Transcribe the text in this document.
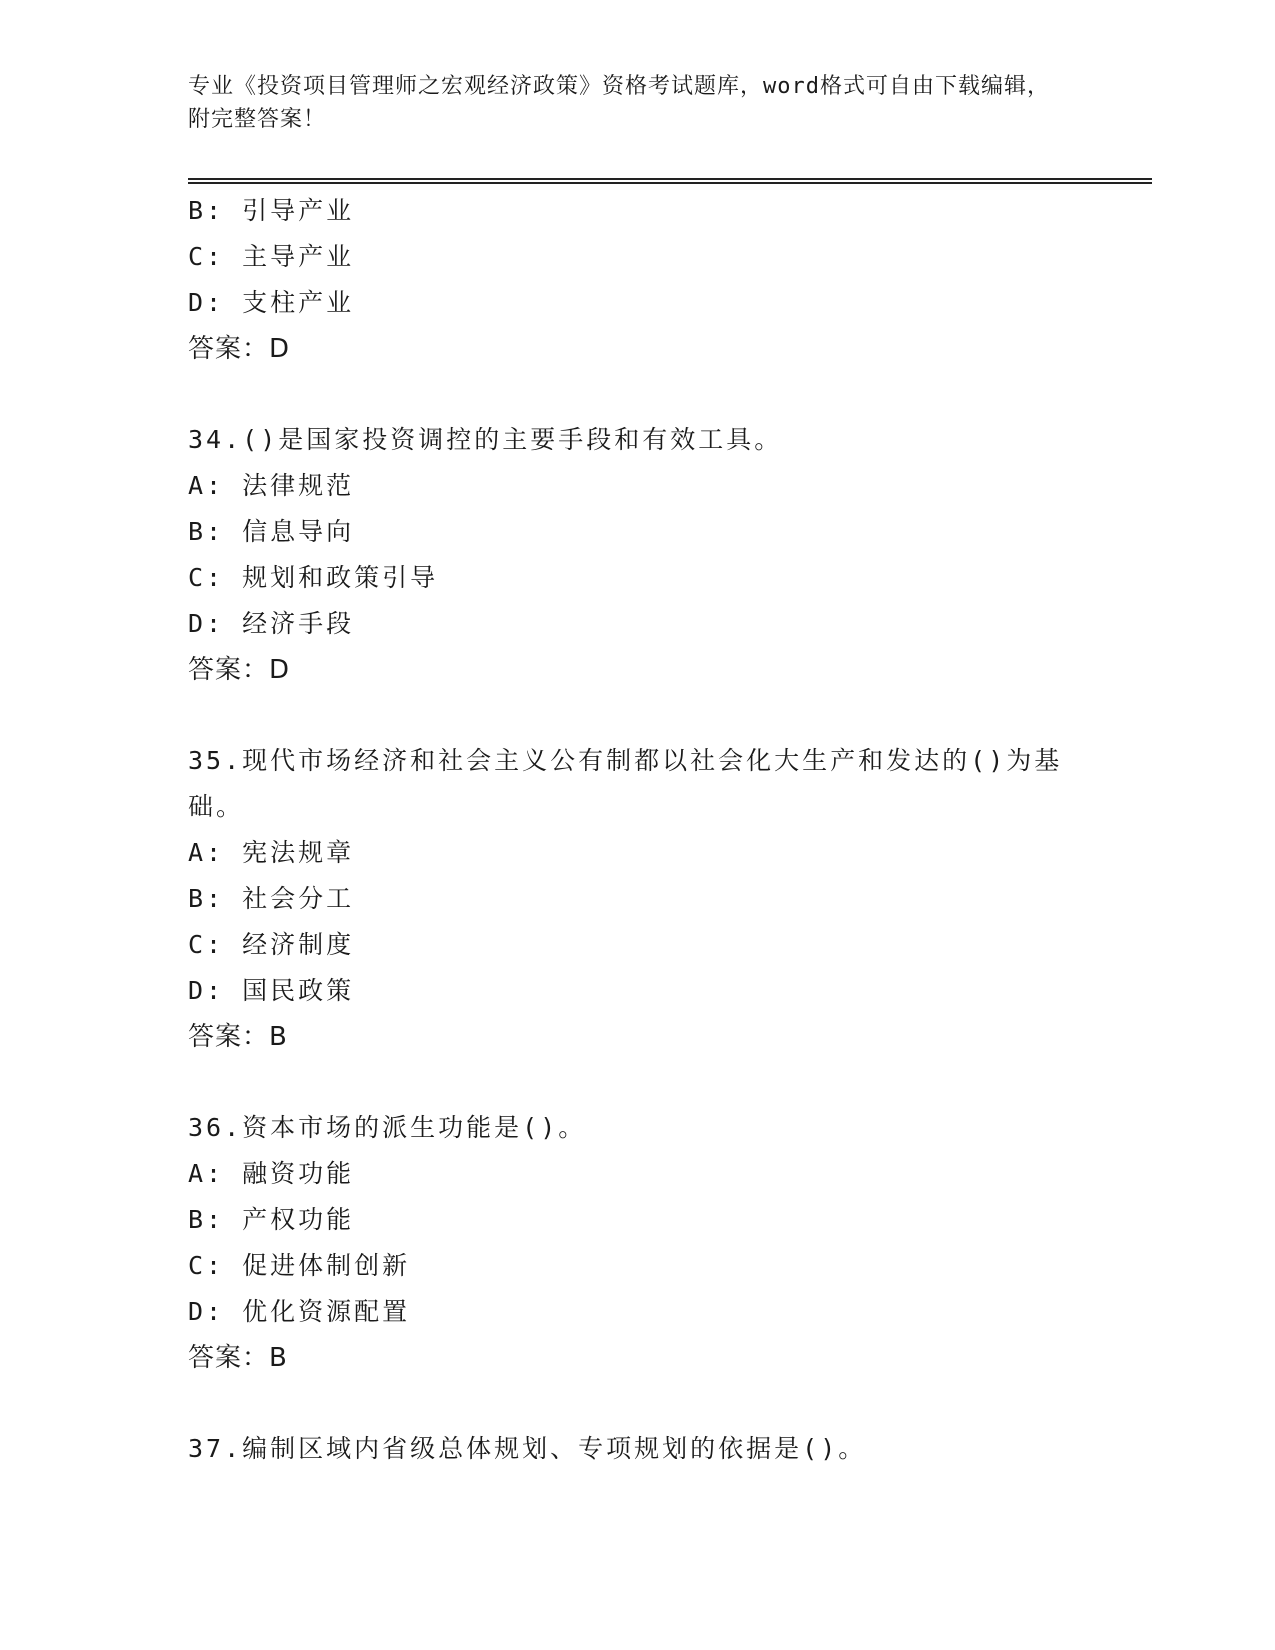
专业《投资项目管理师之宏观经济政策》资格考试题库，word格式可自由下载编辑，附完整答案！
B: 引导产业
C: 主导产业
D: 支柱产业
答案：D
34.()是国家投资调控的主要手段和有效工具。
A: 法律规范
B: 信息导向
C: 规划和政策引导
D: 经济手段
答案：D
35.现代市场经济和社会主义公有制都以社会化大生产和发达的()为基础。
A: 宪法规章
B: 社会分工
C: 经济制度
D: 国民政策
答案：B
36.资本市场的派生功能是()。
A: 融资功能
B: 产权功能
C: 促进体制创新
D: 优化资源配置
答案：B
37.编制区域内省级总体规划、专项规划的依据是()。
